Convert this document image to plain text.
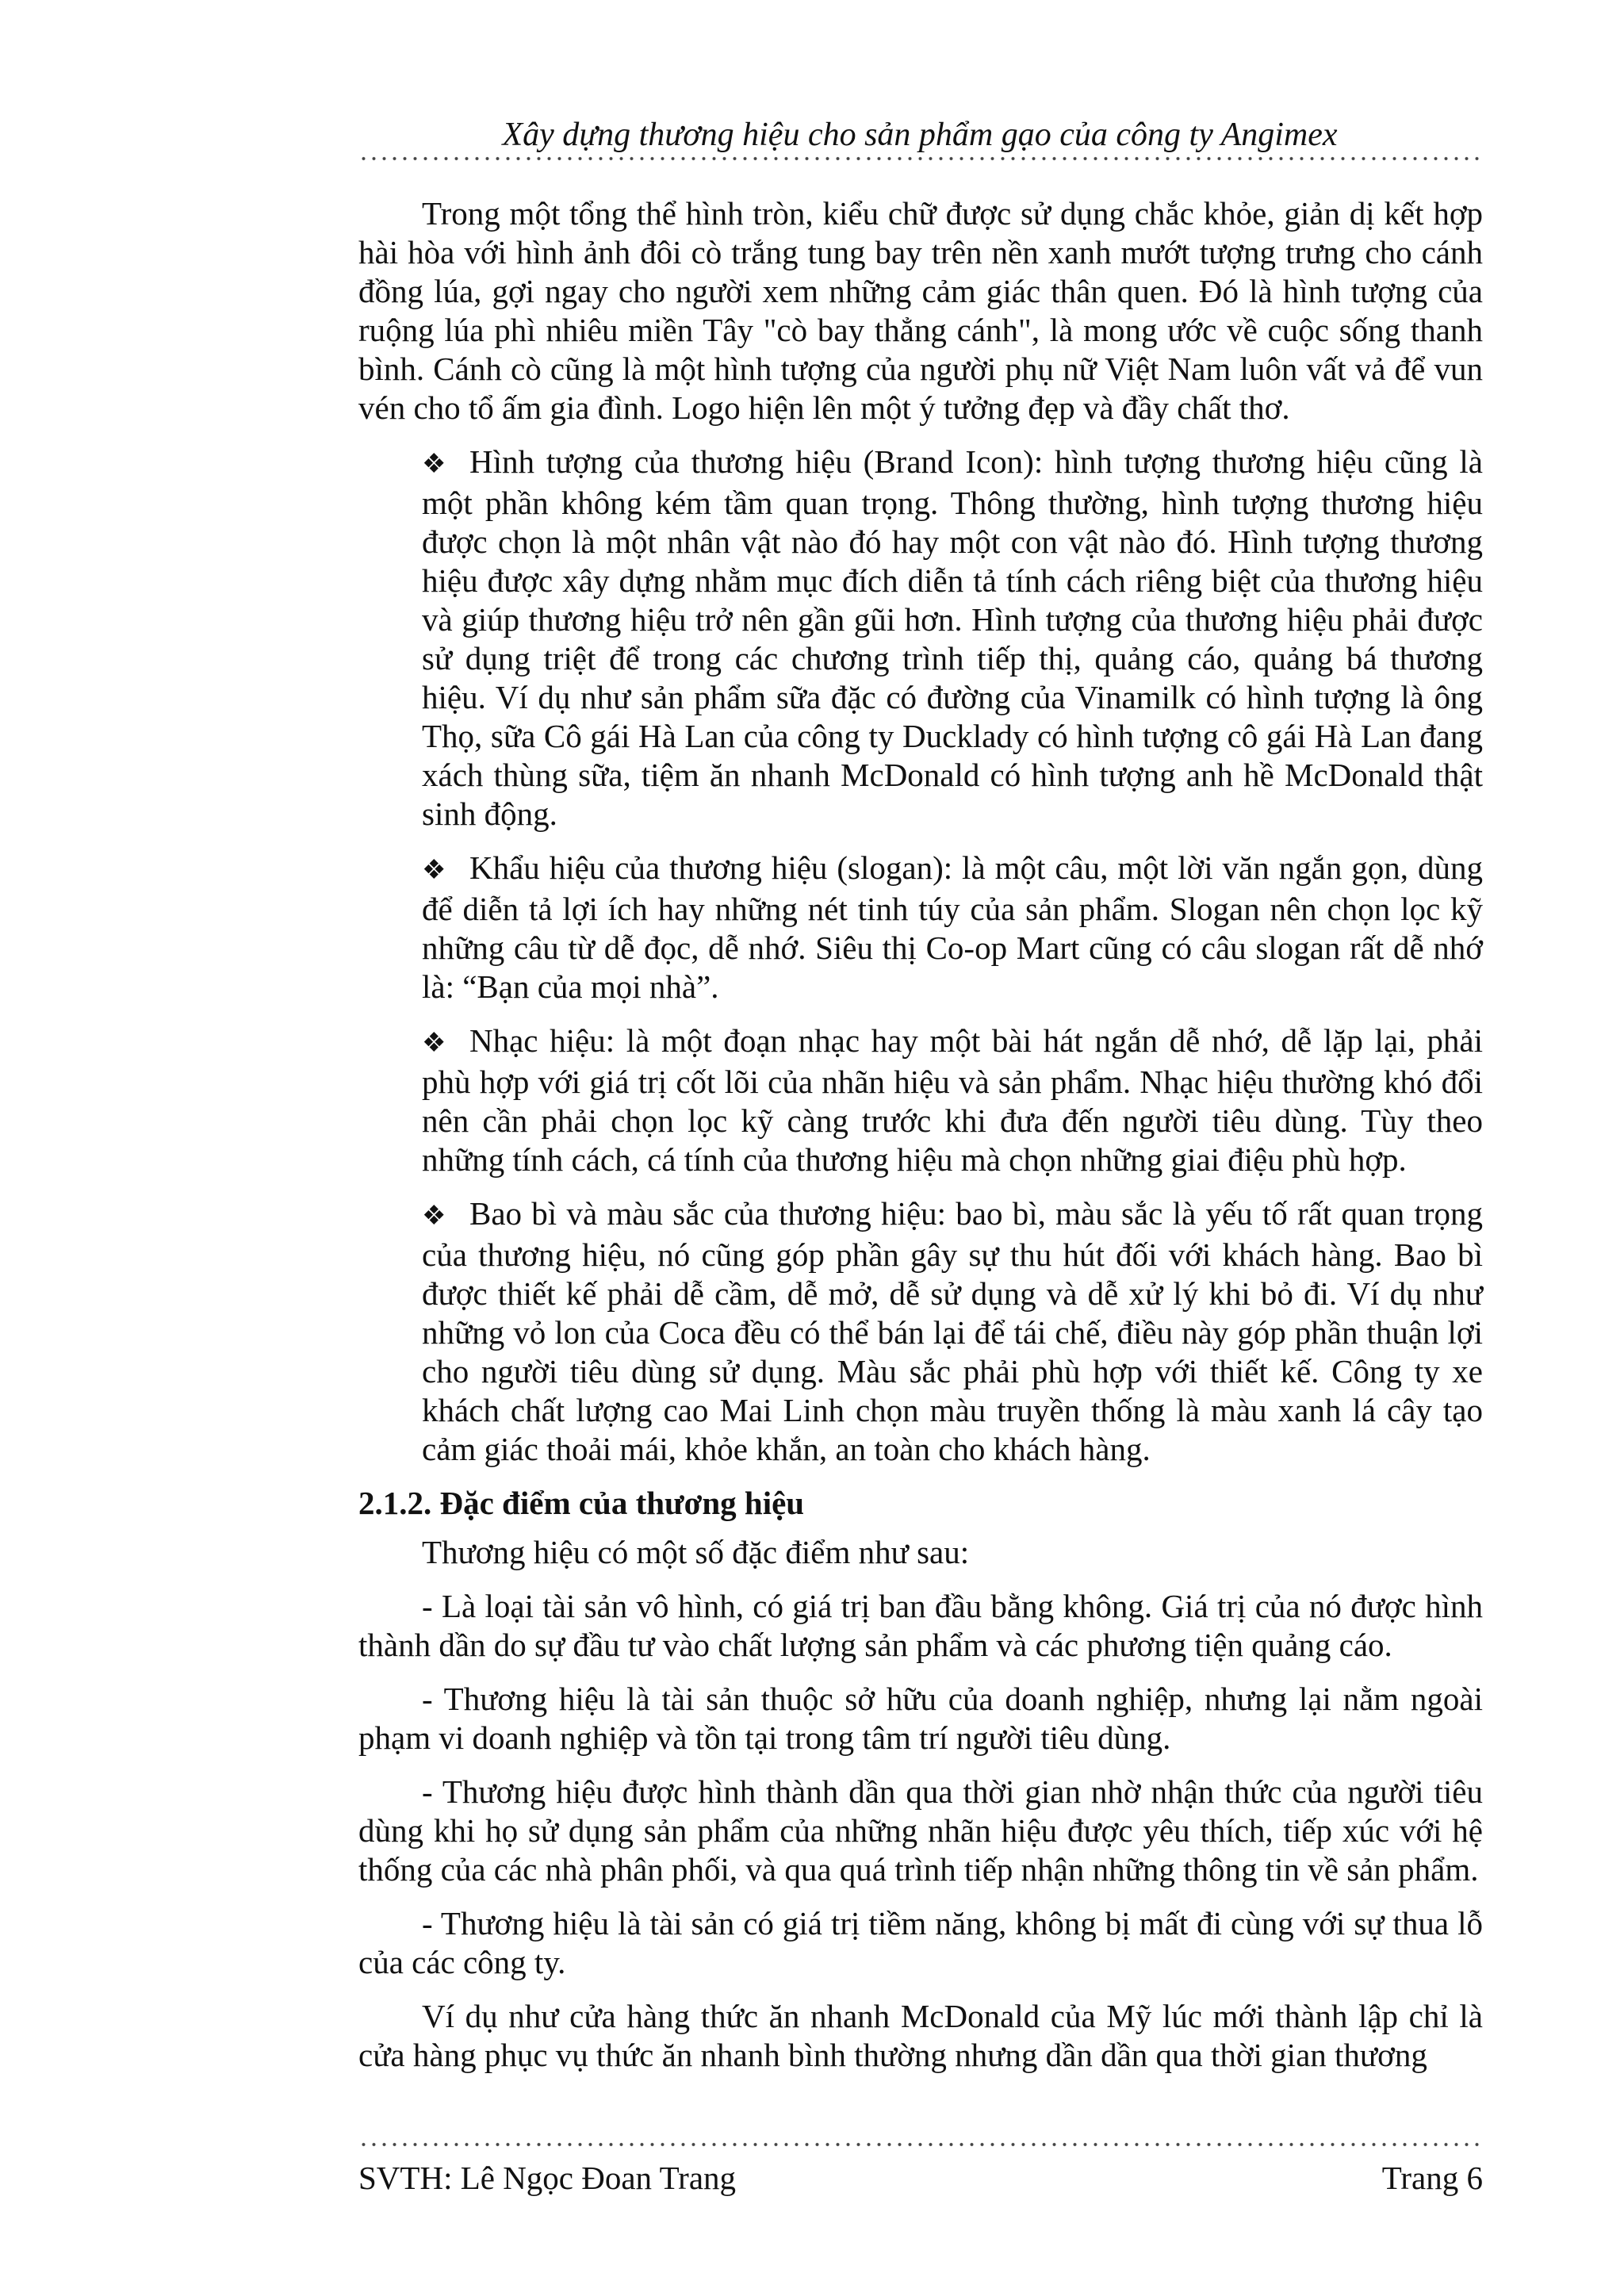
Xây dựng thương hiệu cho sản phẩm gạo của công ty Angimex

Trong một tổng thể hình tròn, kiểu chữ được sử dụng chắc khỏe, giản dị kết hợp hài hòa với hình ảnh đôi cò trắng tung bay trên nền xanh mướt tượng trưng cho cánh đồng lúa, gợi ngay cho người xem những cảm giác thân quen. Đó là hình tượng của ruộng lúa phì nhiêu miền Tây "cò bay thẳng cánh", là mong ước về cuộc sống thanh bình. Cánh cò cũng là một hình tượng của người phụ nữ Việt Nam luôn vất vả để vun vén cho tổ ấm gia đình. Logo hiện lên một ý tưởng đẹp và đầy chất thơ.

❖ Hình tượng của thương hiệu (Brand Icon): hình tượng thương hiệu cũng là một phần không kém tầm quan trọng. Thông thường, hình tượng thương hiệu được chọn là một nhân vật nào đó hay một con vật nào đó. Hình tượng thương hiệu được xây dựng nhằm mục đích diễn tả tính cách riêng biệt của thương hiệu và giúp thương hiệu trở nên gần gũi hơn. Hình tượng của thương hiệu phải được sử dụng triệt để trong các chương trình tiếp thị, quảng cáo, quảng bá thương hiệu. Ví dụ như sản phẩm sữa đặc có đường của Vinamilk có hình tượng là ông Thọ, sữa Cô gái Hà Lan của công ty Ducklady có hình tượng cô gái Hà Lan đang xách thùng sữa, tiệm ăn nhanh McDonald có hình tượng anh hề McDonald thật sinh động.

❖ Khẩu hiệu của thương hiệu (slogan): là một câu, một lời văn ngắn gọn, dùng để diễn tả lợi ích hay những nét tinh túy của sản phẩm. Slogan nên chọn lọc kỹ những câu từ dễ đọc, dễ nhớ. Siêu thị Co-op Mart cũng có câu slogan rất dễ nhớ là: “Bạn của mọi nhà”.

❖ Nhạc hiệu: là một đoạn nhạc hay một bài hát ngắn dễ nhớ, dễ lặp lại, phải phù hợp với giá trị cốt lõi của nhãn hiệu và sản phẩm. Nhạc hiệu thường khó đổi nên cần phải chọn lọc kỹ càng trước khi đưa đến người tiêu dùng. Tùy theo những tính cách, cá tính của thương hiệu mà chọn những giai điệu phù hợp.

❖ Bao bì và màu sắc của thương hiệu: bao bì, màu sắc là yếu tố rất quan trọng của thương hiệu, nó cũng góp phần gây sự thu hút đối với khách hàng. Bao bì được thiết kế phải dễ cầm, dễ mở, dễ sử dụng và dễ xử lý khi bỏ đi. Ví dụ như những vỏ lon của Coca đều có thể bán lại để tái chế, điều này góp phần thuận lợi cho người tiêu dùng sử dụng. Màu sắc phải phù hợp với thiết kế. Công ty xe khách chất lượng cao Mai Linh chọn màu truyền thống là màu xanh lá cây tạo cảm giác thoải mái, khỏe khắn, an toàn cho khách hàng.

2.1.2. Đặc điểm của thương hiệu

Thương hiệu có một số đặc điểm như sau:

- Là loại tài sản vô hình, có giá trị ban đầu bằng không. Giá trị của nó được hình thành dần do sự đầu tư vào chất lượng sản phẩm và các phương tiện quảng cáo.

- Thương hiệu là tài sản thuộc sở hữu của doanh nghiệp, nhưng lại nằm ngoài phạm vi doanh nghiệp và tồn tại trong tâm trí người tiêu dùng.

- Thương hiệu được hình thành dần qua thời gian nhờ nhận thức của người tiêu dùng khi họ sử dụng sản phẩm của những nhãn hiệu được yêu thích, tiếp xúc với hệ thống của các nhà phân phối, và qua quá trình tiếp nhận những thông tin về sản phẩm.

- Thương hiệu là tài sản có giá trị tiềm năng, không bị mất đi cùng với sự thua lỗ của các công ty.

Ví dụ như cửa hàng thức ăn nhanh McDonald của Mỹ lúc mới thành lập chỉ là cửa hàng phục vụ thức ăn nhanh bình thường nhưng dần dần qua thời gian thương

SVTH: Lê Ngọc Đoan Trang	Trang 6
